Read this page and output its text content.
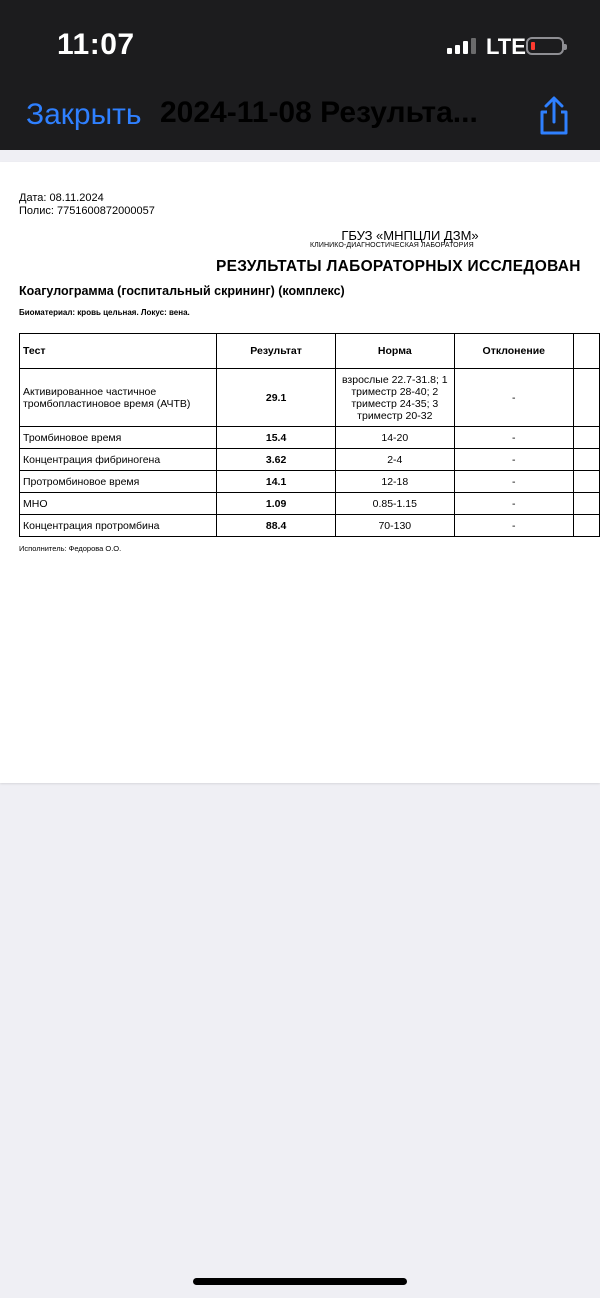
11:07	LTE
Закрыть 2024-11-08 Результа...
Дата: 08.11.2024
Полис: 7751600872000057
ГБУЗ «МНПЦЛИ ДЗМ»
КЛИНИКО-ДИАГНОСТИЧЕСКАЯ ЛАБОРАТОРИЯ
РЕЗУЛЬТАТЫ ЛАБОРАТОРНЫХ ИССЛЕДОВАН
Коагулограмма (госпитальный скрининг) (комплекс)
Биоматериал: кровь цельная. Локус: вена.
Тест	Результат	Норма	Отклонение	
Активированное частичное тромбопластиновое время (АЧТВ)	29.1	взрослые 22.7-31.8; 1 триместр 28-40; 2 триместр 24-35; 3 триместр 20-32	-	
Тромбиновое время	15.4	14-20	-	
Концентрация фибриногена	3.62	2-4	-	
Протромбиновое время	14.1	12-18	-	
МНО	1.09	0.85-1.15	-	
Концентрация протромбина	88.4	70-130	-	
Исполнитель: Федорова О.О.
